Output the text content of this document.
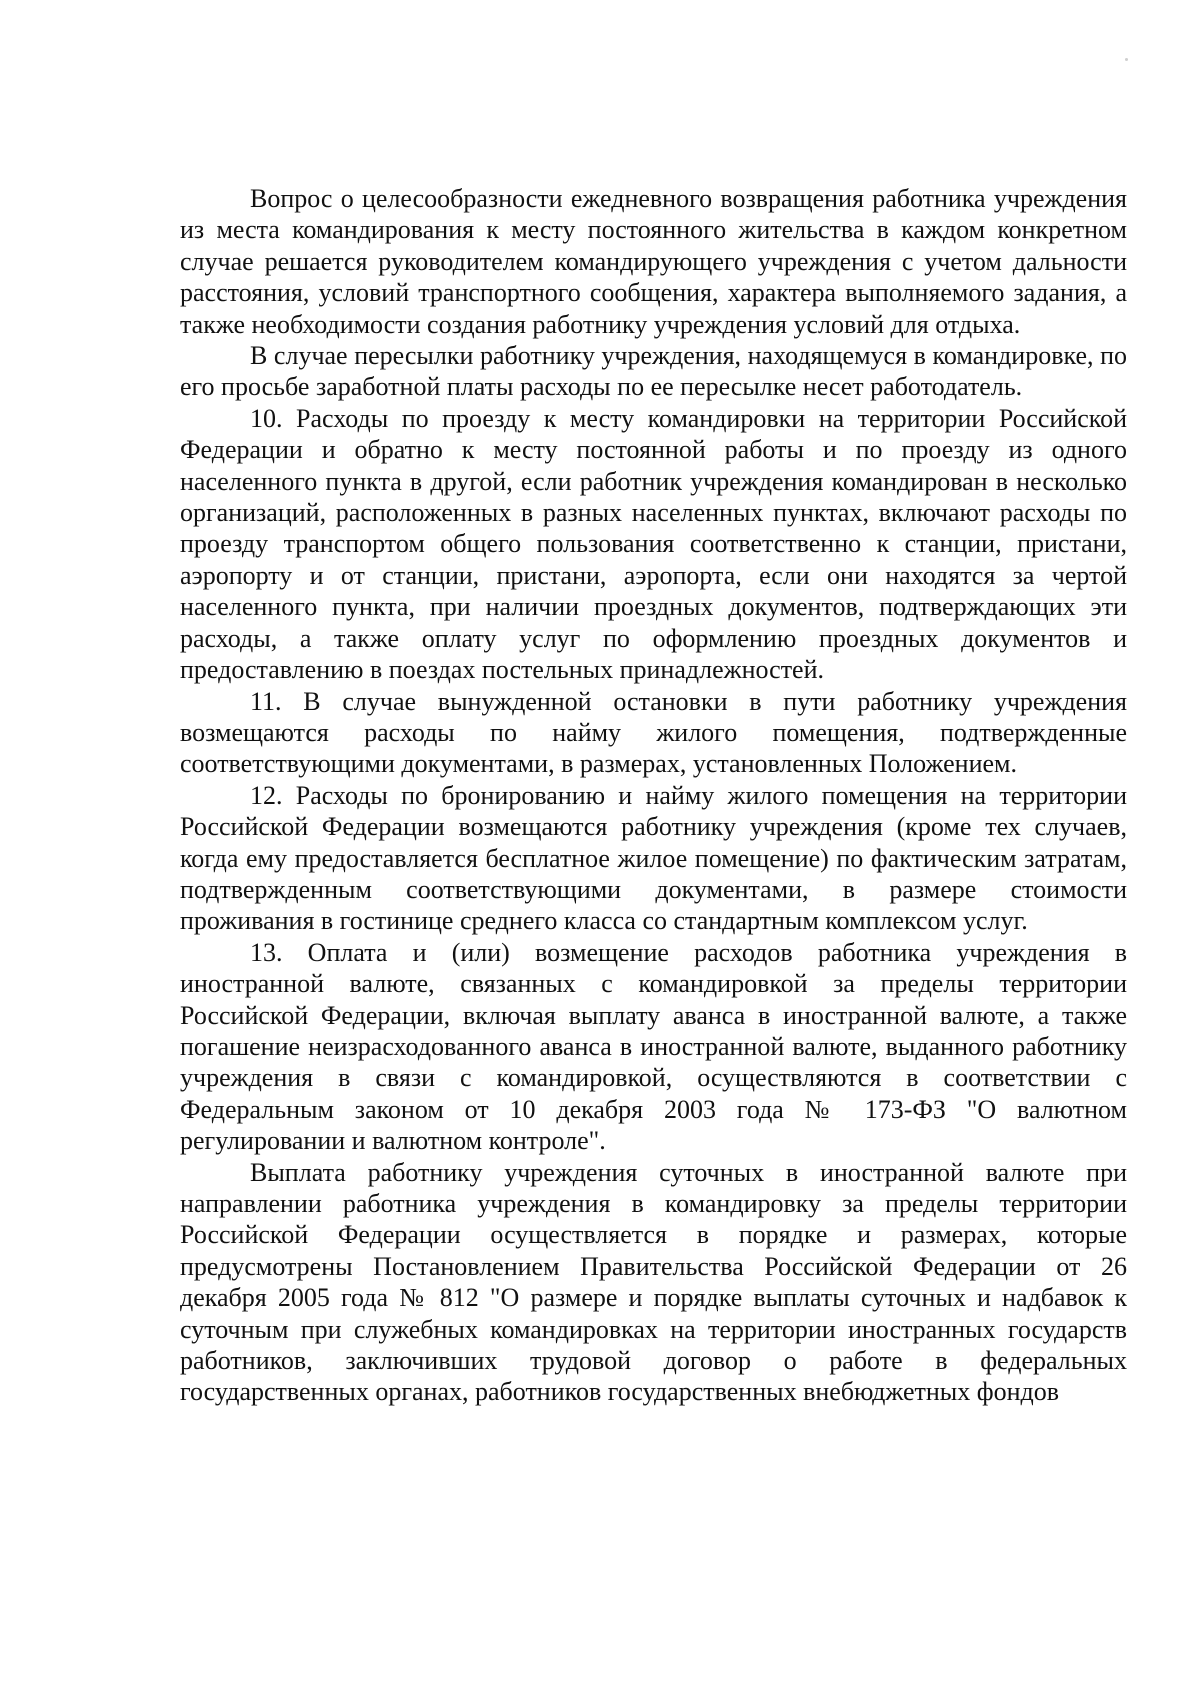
Вопрос о целесообразности ежедневного возвращения работника учреждения из места командирования к месту постоянного жительства в каждом конкретном случае решается руководителем командирующего учреждения с учетом дальности расстояния, условий транспортного сообщения, характера выполняемого задания, а также необходимости создания работнику учреждения условий для отдыха.

В случае пересылки работнику учреждения, находящемуся в командировке, по его просьбе заработной платы расходы по ее пересылке несет работодатель.

10. Расходы по проезду к месту командировки на территории Российской Федерации и обратно к месту постоянной работы и по проезду из одного населенного пункта в другой, если работник учреждения командирован в несколько организаций, расположенных в разных населенных пунктах, включают расходы по проезду транспортом общего пользования соответственно к станции, пристани, аэропорту и от станции, пристани, аэропорта, если они находятся за чертой населенного пункта, при наличии проездных документов, подтверждающих эти расходы, а также оплату услуг по оформлению проездных документов и предоставлению в поездах постельных принадлежностей.

11. В случае вынужденной остановки в пути работнику учреждения возмещаются расходы по найму жилого помещения, подтвержденные соответствующими документами, в размерах, установленных Положением.

12. Расходы по бронированию и найму жилого помещения на территории Российской Федерации возмещаются работнику учреждения (кроме тех случаев, когда ему предоставляется бесплатное жилое помещение) по фактическим затратам, подтвержденным соответствующими документами, в размере стоимости проживания в гостинице среднего класса со стандартным комплексом услуг.

13. Оплата и (или) возмещение расходов работника учреждения в иностранной валюте, связанных с командировкой за пределы территории Российской Федерации, включая выплату аванса в иностранной валюте, а также погашение неизрасходованного аванса в иностранной валюте, выданного работнику учреждения в связи с командировкой, осуществляются в соответствии с Федеральным законом от 10 декабря 2003 года № 173-ФЗ "О валютном регулировании и валютном контроле".

Выплата работнику учреждения суточных в иностранной валюте при направлении работника учреждения в командировку за пределы территории Российской Федерации осуществляется в порядке и размерах, которые предусмотрены Постановлением Правительства Российской Федерации от 26 декабря 2005 года № 812 "О размере и порядке выплаты суточных и надбавок к суточным при служебных командировках на территории иностранных государств работников, заключивших трудовой договор о работе в федеральных государственных органах, работников государственных внебюджетных фондов
